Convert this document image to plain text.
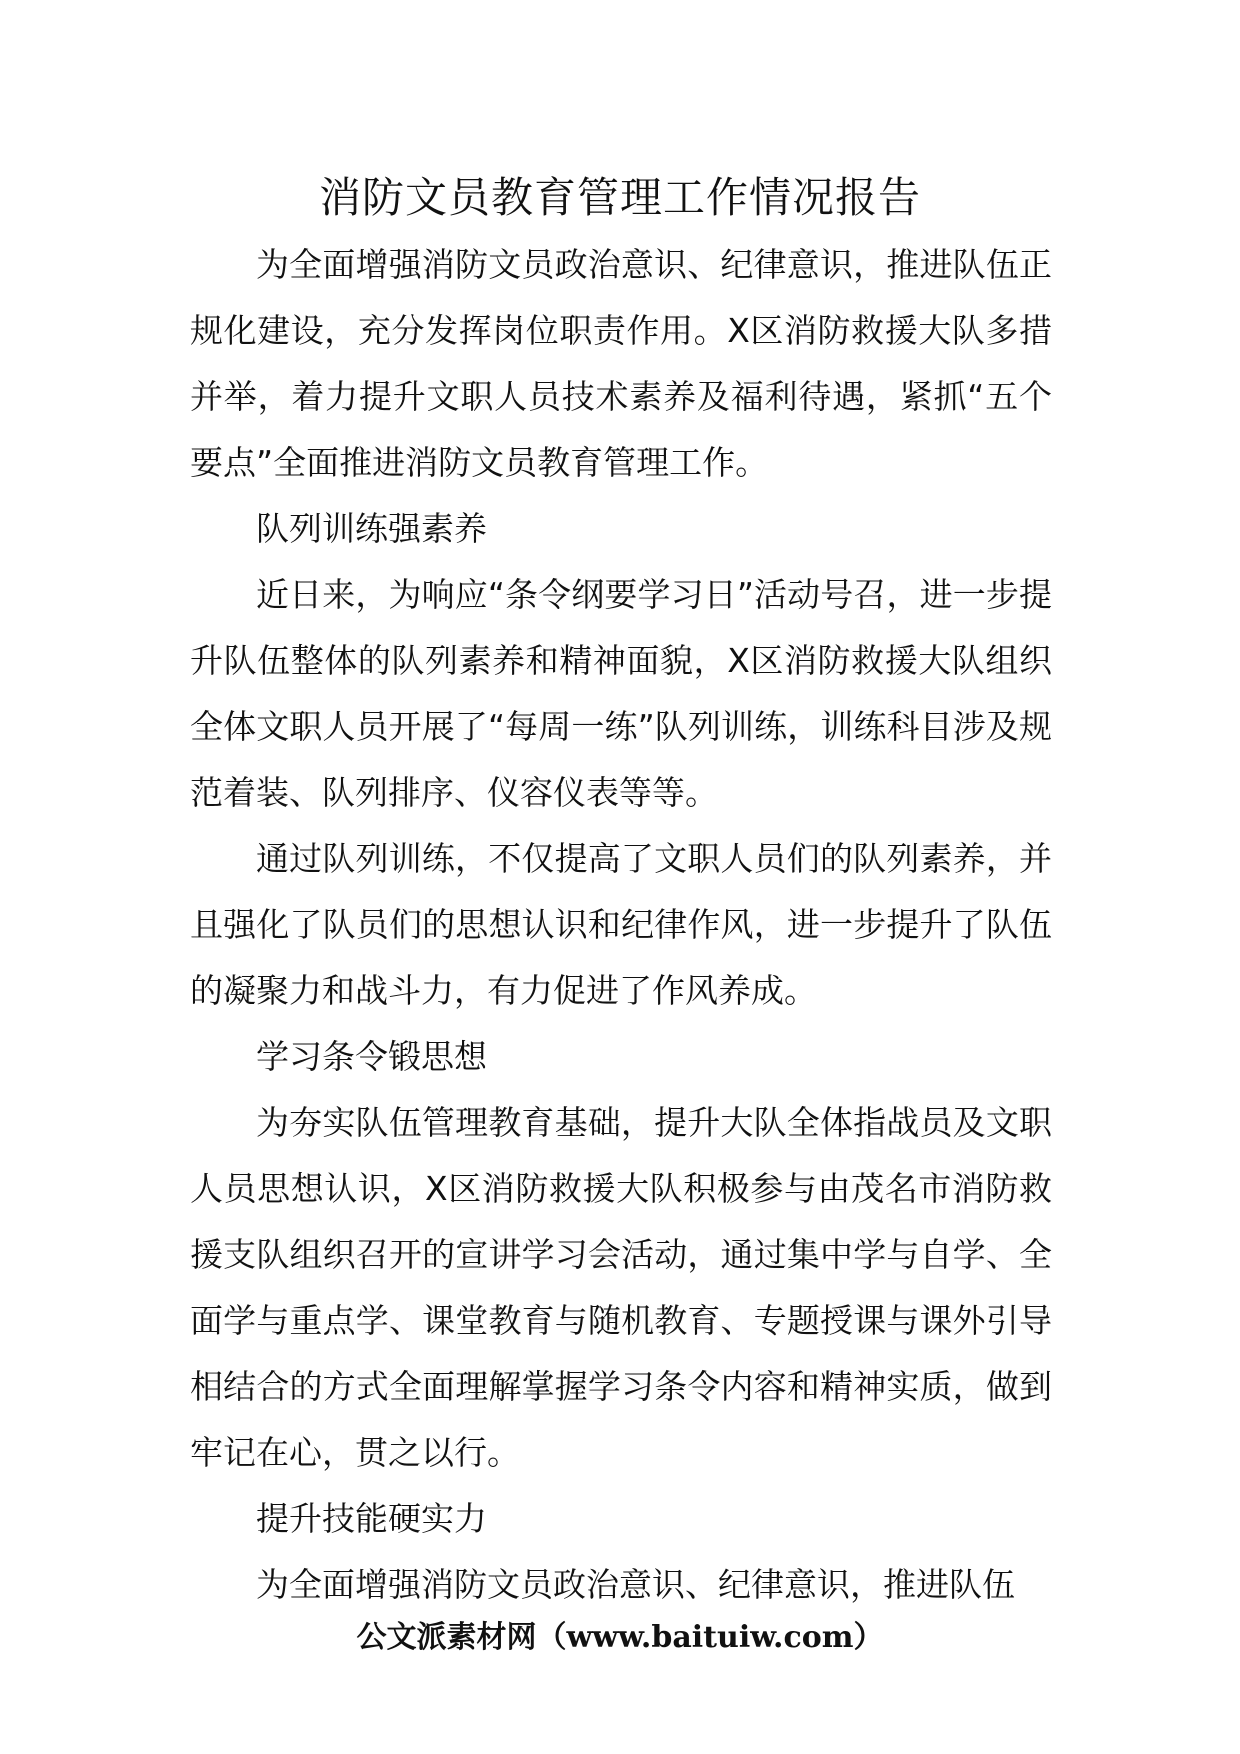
消防文员教育管理工作情况报告

为全面增强消防文员政治意识、纪律意识，推进队伍正规化建设，充分发挥岗位职责作用。X区消防救援大队多措并举，着力提升文职人员技术素养及福利待遇，紧抓“五个要点”全面推进消防文员教育管理工作。

队列训练强素养

近日来，为响应“条令纲要学习日”活动号召，进一步提升队伍整体的队列素养和精神面貌，X区消防救援大队组织全体文职人员开展了“每周一练”队列训练，训练科目涉及规范着装、队列排序、仪容仪表等等。

通过队列训练，不仅提高了文职人员们的队列素养，并且强化了队员们的思想认识和纪律作风，进一步提升了队伍的凝聚力和战斗力，有力促进了作风养成。

学习条令锻思想

为夯实队伍管理教育基础，提升大队全体指战员及文职人员思想认识，X区消防救援大队积极参与由茂名市消防救援支队组织召开的宣讲学习会活动，通过集中学与自学、全面学与重点学、课堂教育与随机教育、专题授课与课外引导相结合的方式全面理解掌握学习条令内容和精神实质，做到牢记在心，贯之以行。

提升技能硬实力

为全面增强消防文员政治意识、纪律意识，推进队伍

公文派素材网（www.baituiw.com）
